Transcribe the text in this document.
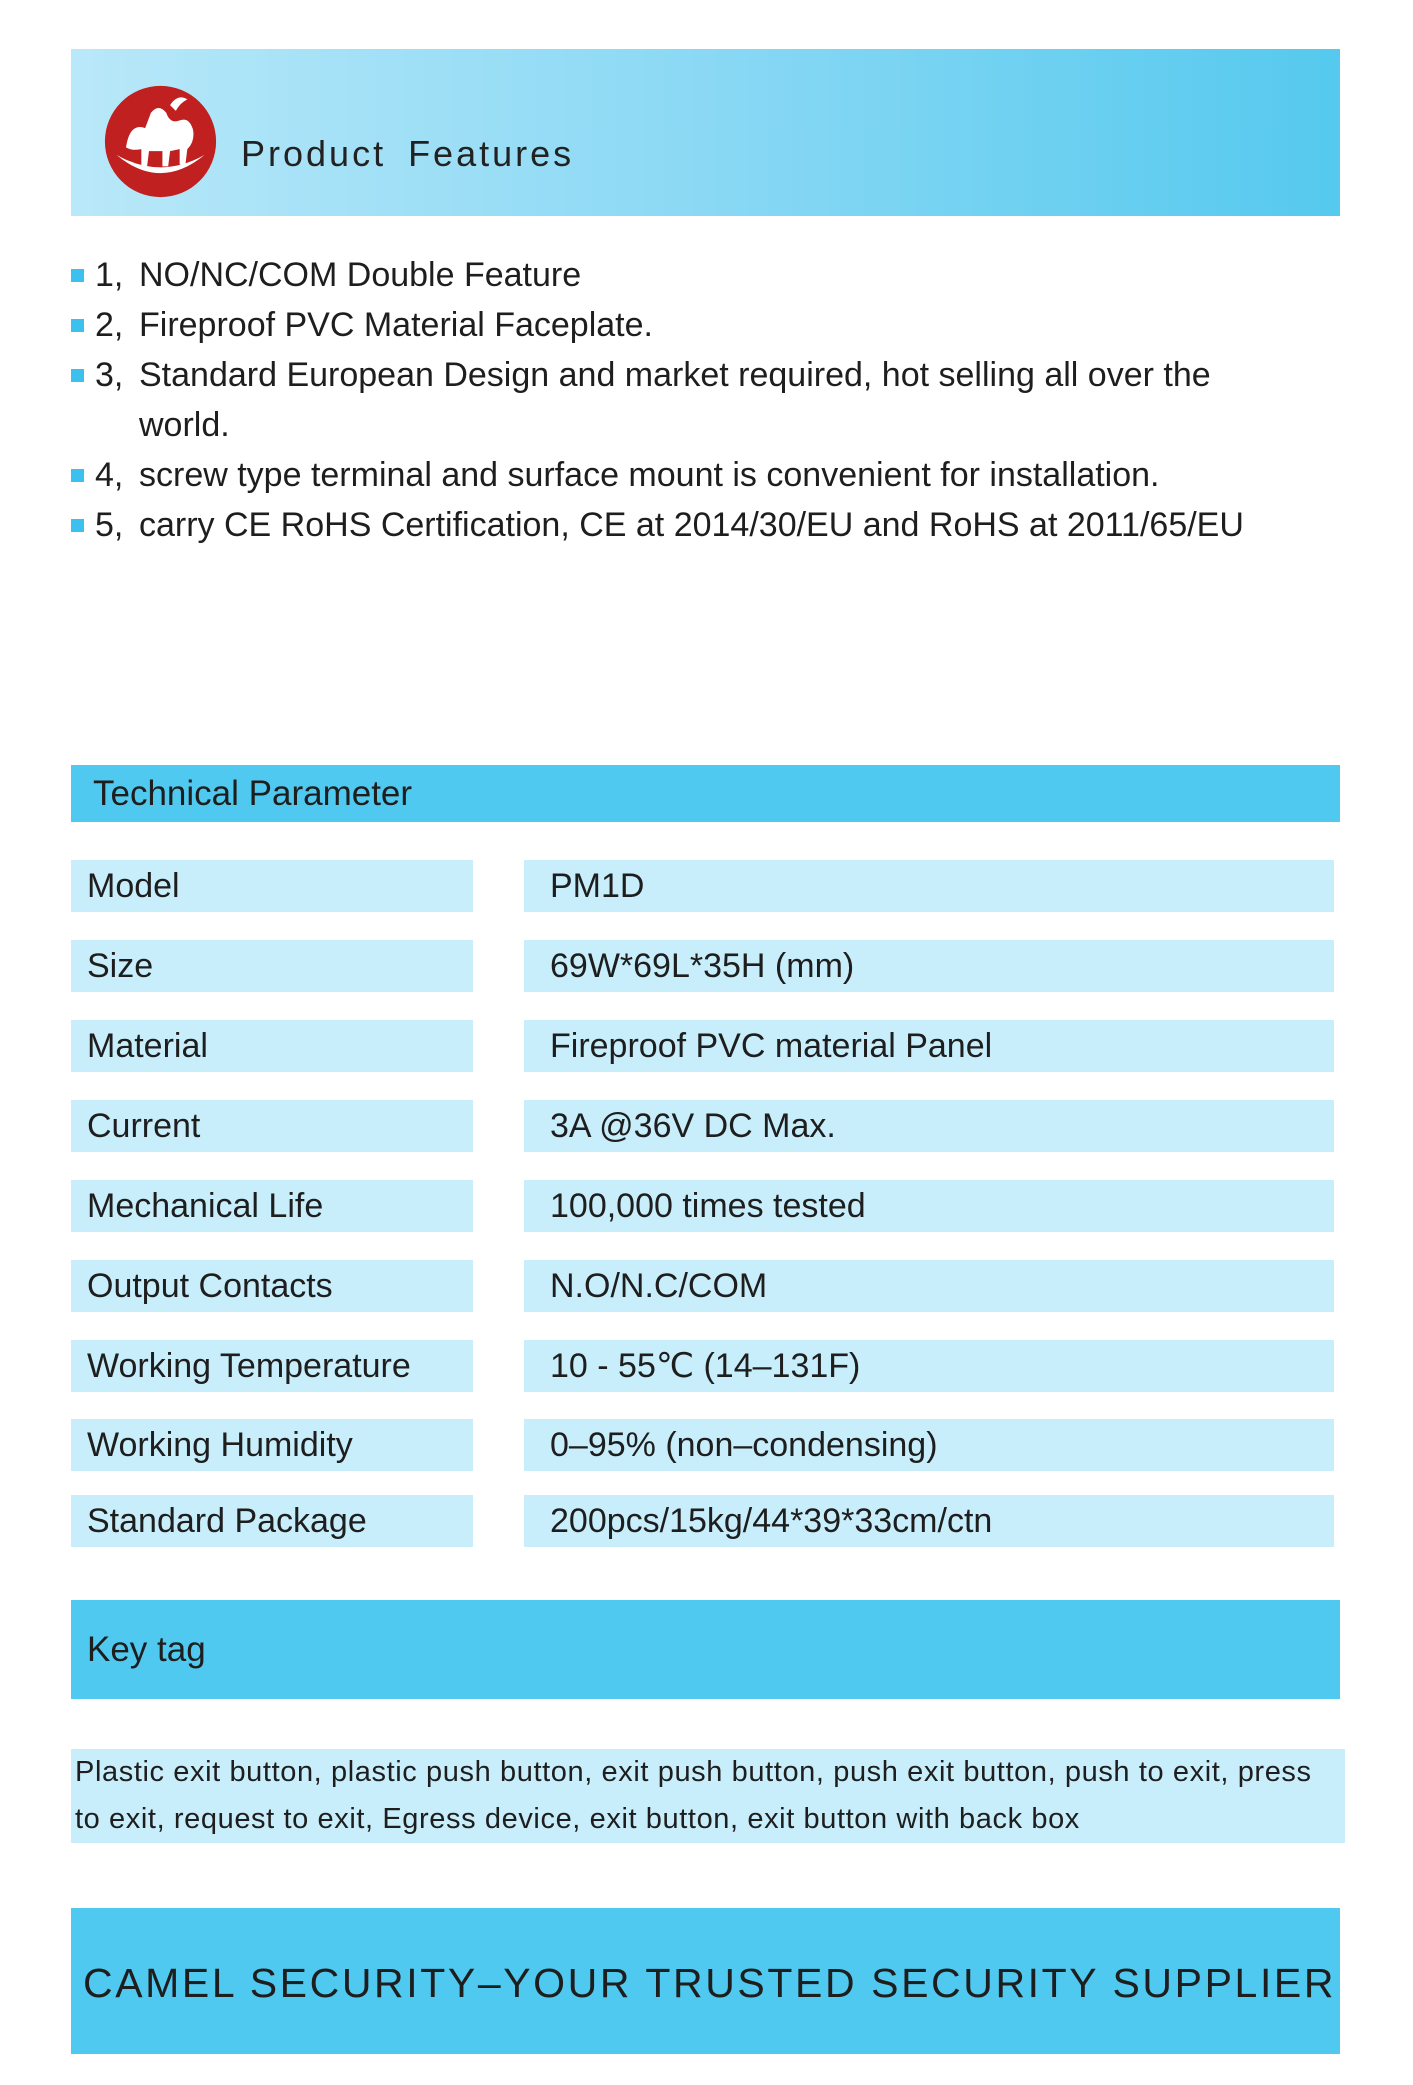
Product Features
1, NO/NC/COM Double Feature
2, Fireproof PVC Material Faceplate.
3, Standard European Design and market required, hot selling all over the world.
4, screw type terminal and surface mount is convenient for installation.
5, carry CE RoHS Certification, CE at 2014/30/EU and RoHS at 2011/65/EU
Technical Parameter
Model	PM1D
Size	69W*69L*35H (mm)
Material	Fireproof PVC material Panel
Current	3A @36V DC Max.
Mechanical Life	100,000 times tested
Output Contacts	N.O/N.C/COM
Working Temperature	10 - 55℃ (14–131F)
Working Humidity	0–95% (non–condensing)
Standard Package	200pcs/15kg/44*39*33cm/ctn
Key tag
Plastic exit button, plastic push button, exit push button, push exit button, push to exit, press to exit, request to exit, Egress device, exit button, exit button with back box
CAMEL SECURITY–YOUR TRUSTED SECURITY SUPPLIER
